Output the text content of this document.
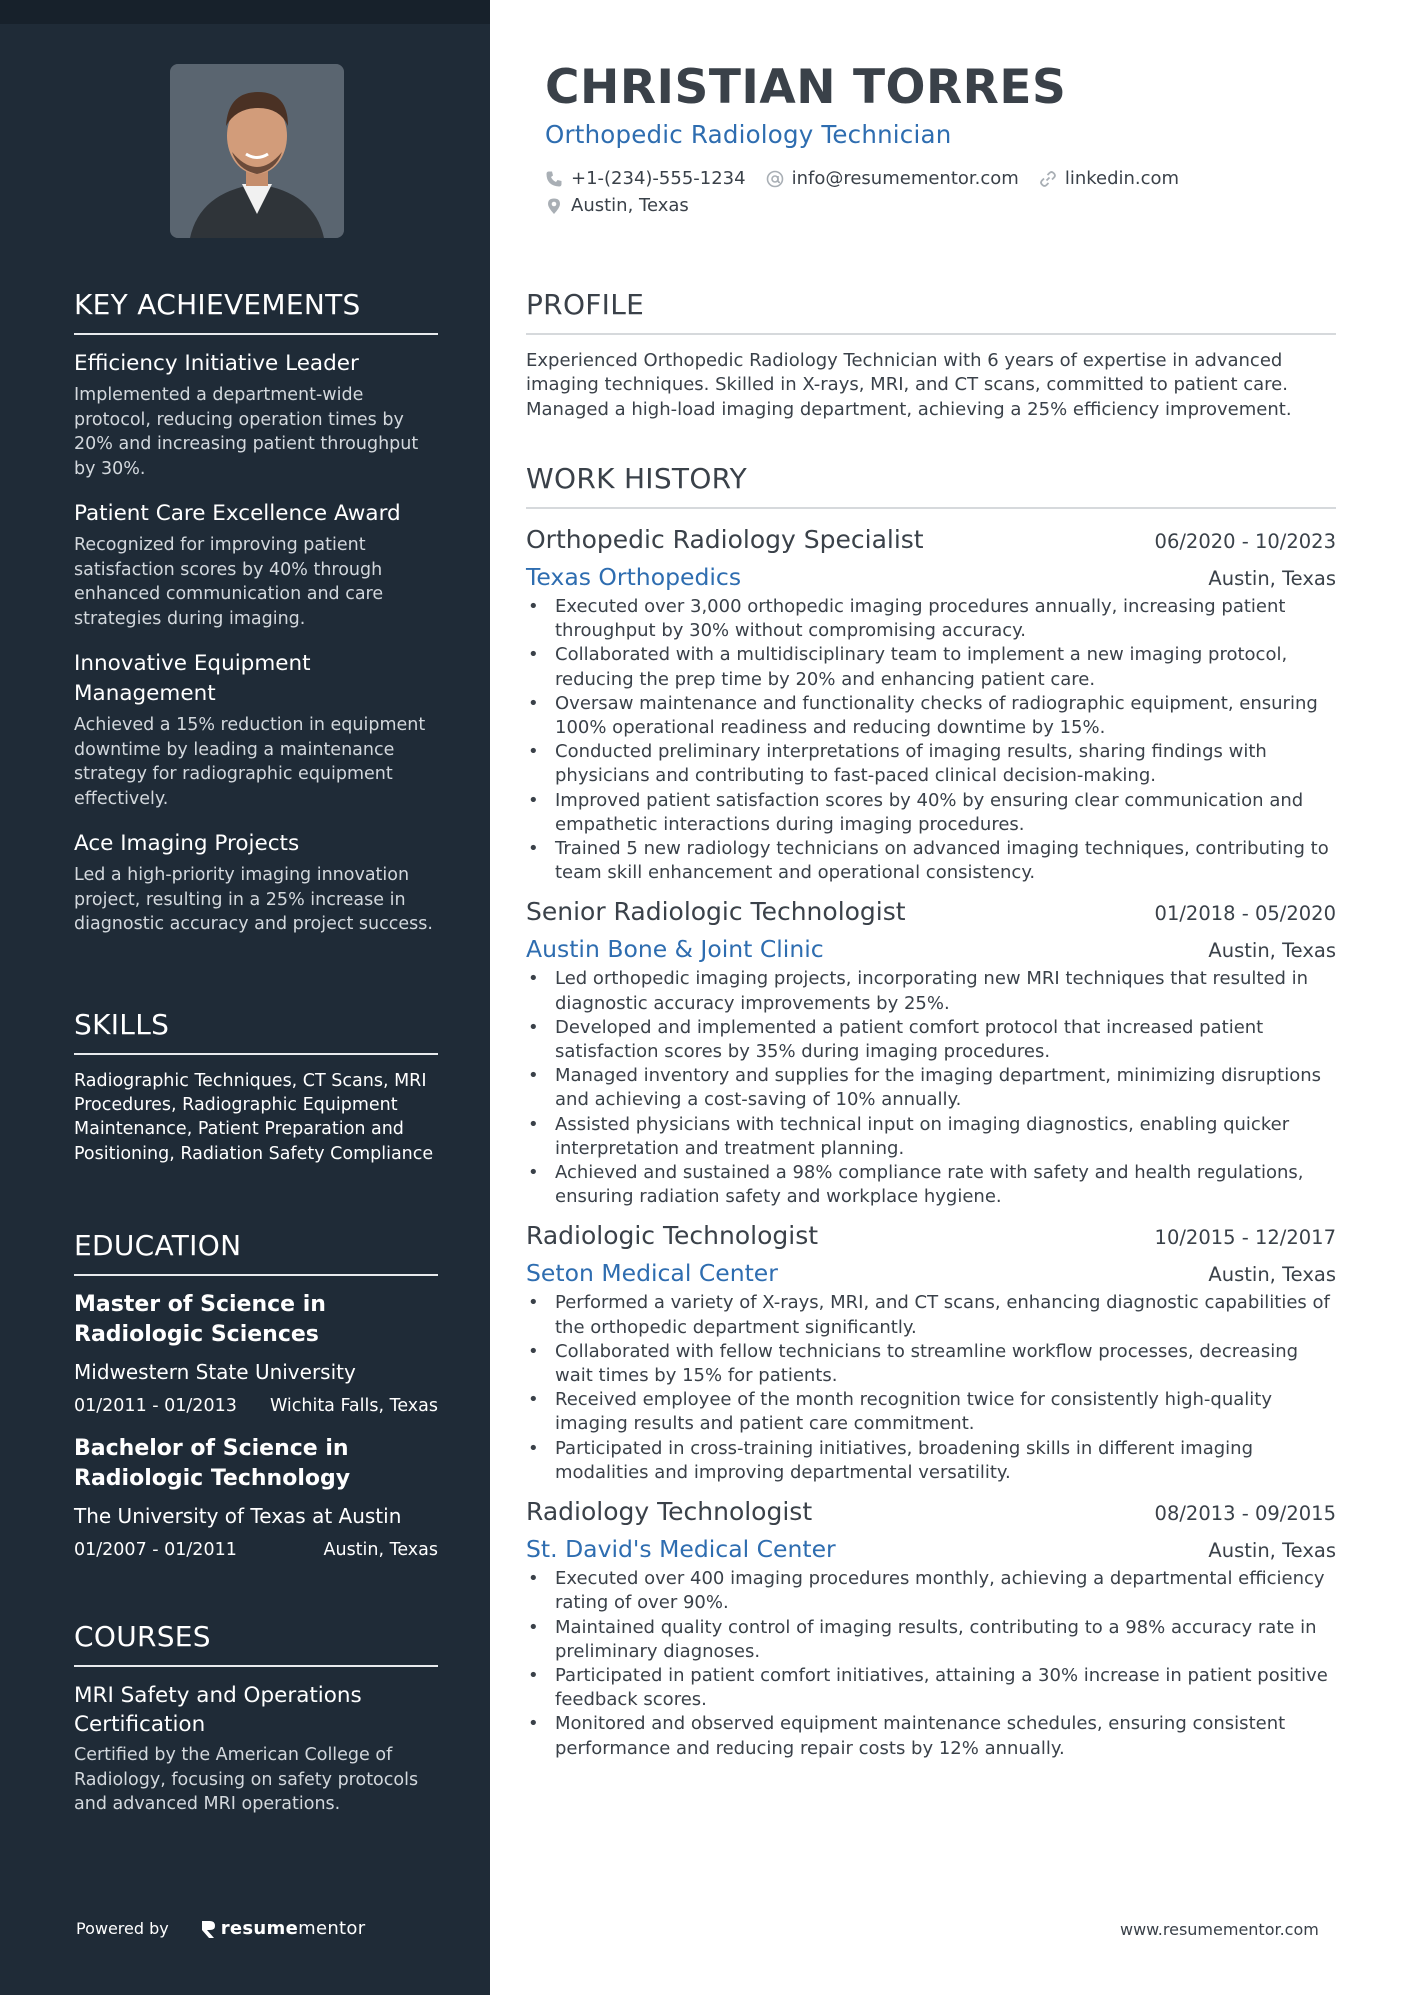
KEY ACHIEVEMENTS
Efficiency Initiative Leader
Implemented a department-wide protocol, reducing operation times by 20% and increasing patient throughput by 30%.
Patient Care Excellence Award
Recognized for improving patient satisfaction scores by 40% through enhanced communication and care strategies during imaging.
Innovative Equipment Management
Achieved a 15% reduction in equipment downtime by leading a maintenance strategy for radiographic equipment effectively.
Ace Imaging Projects
Led a high-priority imaging innovation project, resulting in a 25% increase in diagnostic accuracy and project success.
SKILLS
Radiographic Techniques, CT Scans, MRI Procedures, Radiographic Equipment Maintenance, Patient Preparation and Positioning, Radiation Safety Compliance
EDUCATION
Master of Science in Radiologic Sciences
Midwestern State University
01/2011 - 01/2013 Wichita Falls, Texas
Bachelor of Science in Radiologic Technology
The University of Texas at Austin
01/2007 - 01/2011	Austin, Texas
COURSES
MRI Safety and Operations Certification
Certified by the American College of Radiology, focusing on safety protocols and advanced MRI operations.
Powered by	resume mentor
CHRISTIAN TORRES
Orthopedic Radiology Technician
+1-(234)-555-1234	info@resumementor.com	linkedin.com
Austin, Texas
PROFILE
Experienced Orthopedic Radiology Technician with 6 years of expertise in advanced imaging techniques. Skilled in X-rays, MRI, and CT scans, committed to patient care. Managed a high-load imaging department, achieving a 25% efficiency improvement.
WORK HISTORY
Orthopedic Radiology Specialist	06/2020 - 10/2023
Texas Orthopedics	Austin, Texas
• Executed over 3,000 orthopedic imaging procedures annually, increasing patient throughput by 30% without compromising accuracy.
• Collaborated with a multidisciplinary team to implement a new imaging protocol, reducing the prep time by 20% and enhancing patient care.
• Oversaw maintenance and functionality checks of radiographic equipment, ensuring 100% operational readiness and reducing downtime by 15%.
• Conducted preliminary interpretations of imaging results, sharing findings with physicians and contributing to fast-paced clinical decision-making.
• Improved patient satisfaction scores by 40% by ensuring clear communication and empathetic interactions during imaging procedures.
• Trained 5 new radiology technicians on advanced imaging techniques, contributing to team skill enhancement and operational consistency.
Senior Radiologic Technologist	01/2018 - 05/2020
Austin Bone & Joint Clinic	Austin, Texas
• Led orthopedic imaging projects, incorporating new MRI techniques that resulted in diagnostic accuracy improvements by 25%.
• Developed and implemented a patient comfort protocol that increased patient satisfaction scores by 35% during imaging procedures.
• Managed inventory and supplies for the imaging department, minimizing disruptions and achieving a cost-saving of 10% annually.
• Assisted physicians with technical input on imaging diagnostics, enabling quicker interpretation and treatment planning.
• Achieved and sustained a 98% compliance rate with safety and health regulations, ensuring radiation safety and workplace hygiene.
Radiologic Technologist	10/2015 - 12/2017
Seton Medical Center	Austin, Texas
• Performed a variety of X-rays, MRI, and CT scans, enhancing diagnostic capabilities of the orthopedic department significantly.
• Collaborated with fellow technicians to streamline workflow processes, decreasing wait times by 15% for patients.
• Received employee of the month recognition twice for consistently high-quality imaging results and patient care commitment.
• Participated in cross-training initiatives, broadening skills in different imaging modalities and improving departmental versatility.
Radiology Technologist	08/2013 - 09/2015
St. David's Medical Center	Austin, Texas
• Executed over 400 imaging procedures monthly, achieving a departmental efficiency rating of over 90%.
• Maintained quality control of imaging results, contributing to a 98% accuracy rate in preliminary diagnoses.
• Participated in patient comfort initiatives, attaining a 30% increase in patient positive feedback scores.
• Monitored and observed equipment maintenance schedules, ensuring consistent performance and reducing repair costs by 12% annually.
www.resumementor.com
